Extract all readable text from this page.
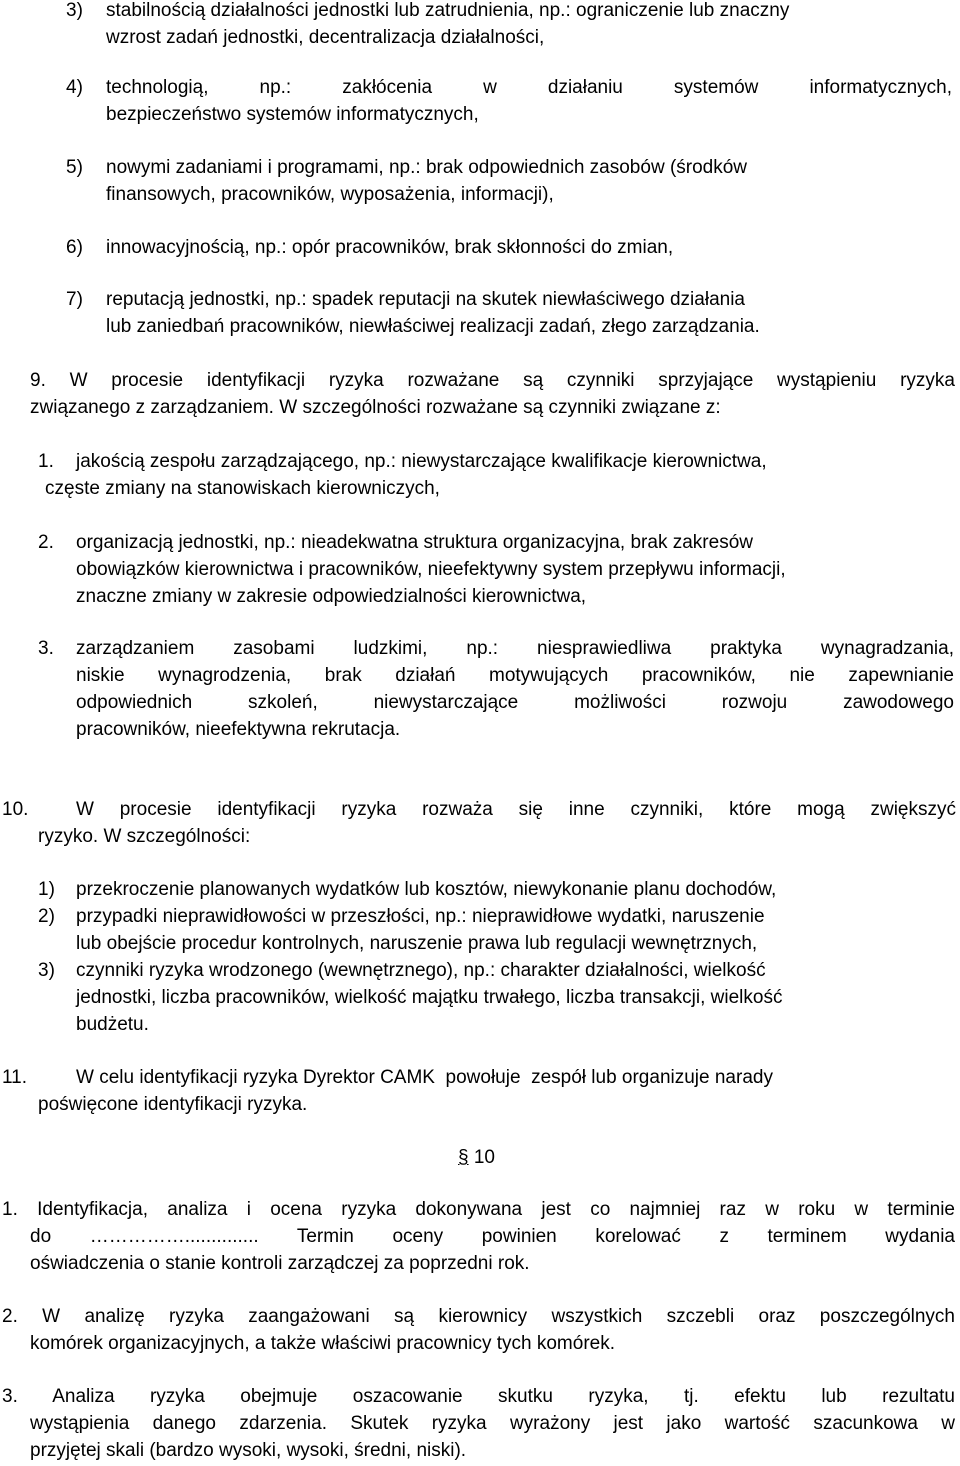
3) stabilnością działalności jednostki lub zatrudnienia, np.: ograniczenie lub znaczny
wzrost zadań jednostki, decentralizacja działalności,
4) technologią, np.: zakłócenia w działaniu systemów informatycznych,
bezpieczeństwo systemów informatycznych,
5) nowymi zadaniami i programami, np.: brak odpowiednich zasobów (środków
finansowych, pracowników, wyposażenia, informacji),
6) innowacyjnością, np.: opór pracowników, brak skłonności do zmian,
7) reputacją jednostki, np.: spadek reputacji na skutek niewłaściwego działania
lub zaniedbań pracowników, niewłaściwej realizacji zadań, złego zarządzania.
9. W procesie identyfikacji ryzyka rozważane są czynniki sprzyjające wystąpieniu ryzyka
związanego z zarządzaniem. W szczególności rozważane są czynniki związane z:
1. jakością zespołu zarządzającego, np.: niewystarczające kwalifikacje kierownictwa,
częste zmiany na stanowiskach kierowniczych,
2. organizacją jednostki, np.: nieadekwatna struktura organizacyjna, brak zakresów
obowiązków kierownictwa i pracowników, nieefektywny system przepływu informacji,
znaczne zmiany w zakresie odpowiedzialności kierownictwa,
3. zarządzaniem zasobami ludzkimi, np.: niesprawiedliwa praktyka wynagradzania,
niskie wynagrodzenia, brak działań motywujących pracowników, nie zapewnianie
odpowiednich szkoleń, niewystarczające możliwości rozwoju zawodowego
pracowników, nieefektywna rekrutacja.
10.	W procesie identyfikacji ryzyka rozważa się inne czynniki, które mogą zwiększyć
ryzyko. W szczególności:
1) przekroczenie planowanych wydatków lub kosztów, niewykonanie planu dochodów,
2) przypadki nieprawidłowości w przeszłości, np.: nieprawidłowe wydatki, naruszenie
lub obejście procedur kontrolnych, naruszenie prawa lub regulacji wewnętrznych,
3) czynniki ryzyka wrodzonego (wewnętrznego), np.: charakter działalności, wielkość
jednostki, liczba pracowników, wielkość majątku trwałego, liczba transakcji, wielkość
budżetu.
11.	W celu identyfikacji ryzyka Dyrektor CAMK  powołuje  zespół lub organizuje narady
poświęcone identyfikacji ryzyka.
§ 10
1. Identyfikacja, analiza i ocena ryzyka dokonywana jest co najmniej raz w roku w terminie
do …………….............. Termin oceny powinien korelować z terminem wydania
oświadczenia o stanie kontroli zarządczej za poprzedni rok.
2. W analizę ryzyka zaangażowani są kierownicy wszystkich szczebli oraz poszczególnych
komórek organizacyjnych, a także właściwi pracownicy tych komórek.
3. Analiza ryzyka obejmuje oszacowanie skutku ryzyka, tj. efektu lub rezultatu
wystąpienia danego zdarzenia. Skutek ryzyka wyrażony jest jako wartość szacunkowa w
przyjętej skali (bardzo wysoki, wysoki, średni, niski).
